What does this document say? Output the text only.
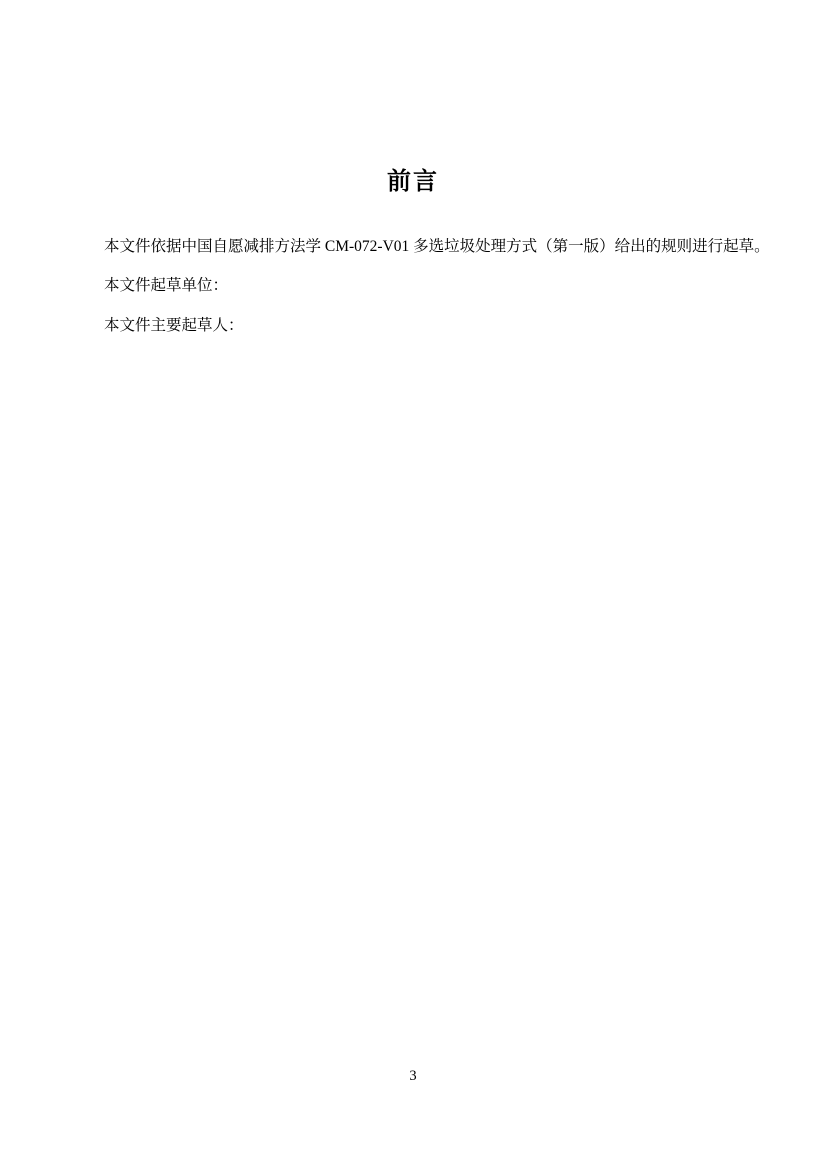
前言

本文件依据中国自愿减排方法学 CM-072-V01 多选垃圾处理方式（第一版）给出的规则进行起草。

本文件起草单位：

本文件主要起草人：

3
